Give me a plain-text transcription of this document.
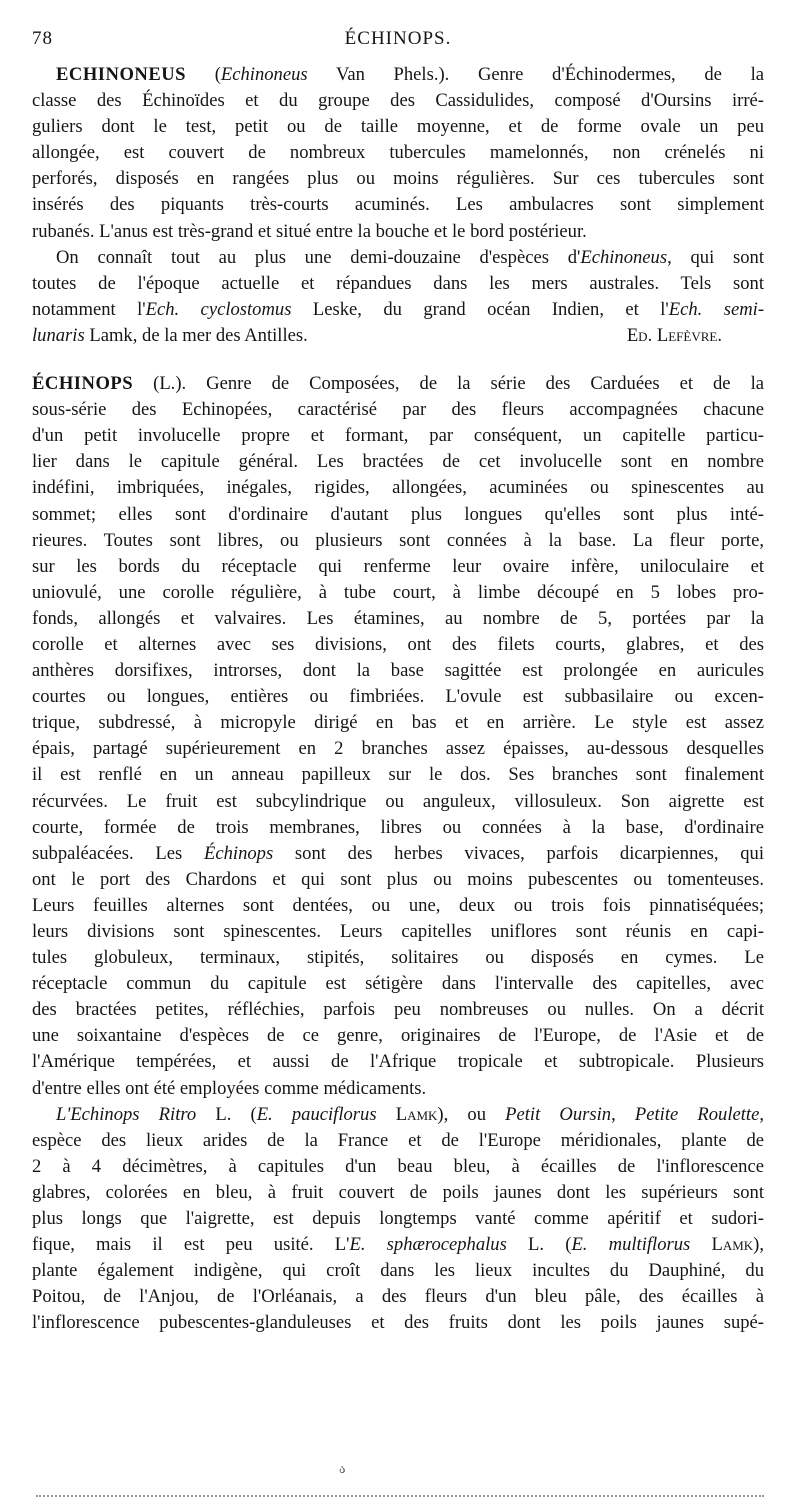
78	ÉCHINOPS.
ECHINONEUS (Echinoneus Van Phels.). Genre d'Échinodermes, de la
classe des Échinoïdes et du groupe des Cassidulides, composé d'Oursins irré-
guliers dont le test, petit ou de taille moyenne, et de forme ovale un peu
allongée, est couvert de nombreux tubercules mamelonnés, non crénelés ni
perforés, disposés en rangées plus ou moins régulières. Sur ces tubercules sont
insérés des piquants très-courts acuminés. Les ambulacres sont simplement
rubanés. L'anus est très-grand et situé entre la bouche et le bord postérieur.
On connaît tout au plus une demi-douzaine d'espèces d'Echinoneus, qui sont
toutes de l'époque actuelle et répandues dans les mers australes. Tels sont
notamment l'Ech. cyclostomus Leske, du grand océan Indien, et l'Ech. semi-
lunaris Lamk, de la mer des Antilles.	Ed. Lefèvre.
ÉCHINOPS (L.). Genre de Composées, de la série des Carduées et de la
sous-série des Echinopées, caractérisé par des fleurs accompagnées chacune
d'un petit involucelle propre et formant, par conséquent, un capitelle particu-
lier dans le capitule général. Les bractées de cet involucelle sont en nombre
indéfini, imbriquées, inégales, rigides, allongées, acuminées ou spinescentes au
sommet; elles sont d'ordinaire d'autant plus longues qu'elles sont plus inté-
rieures. Toutes sont libres, ou plusieurs sont connées à la base. La fleur porte,
sur les bords du réceptacle qui renferme leur ovaire infère, uniloculaire et
uniovulé, une corolle régulière, à tube court, à limbe découpé en 5 lobes pro-
fonds, allongés et valvaires. Les étamines, au nombre de 5, portées par la
corolle et alternes avec ses divisions, ont des filets courts, glabres, et des
anthères dorsifixes, introrses, dont la base sagittée est prolongée en auricules
courtes ou longues, entières ou fimbriées. L'ovule est subbasilaire ou excen-
trique, subdressé, à micropyle dirigé en bas et en arrière. Le style est assez
épais, partagé supérieurement en 2 branches assez épaisses, au-dessous desquelles
il est renflé en un anneau papilleux sur le dos. Ses branches sont finalement
récurvées. Le fruit est subcylindrique ou anguleux, villosuleux. Son aigrette est
courte, formée de trois membranes, libres ou connées à la base, d'ordinaire
subpaléacées. Les Échinops sont des herbes vivaces, parfois dicarpiennes, qui
ont le port des Chardons et qui sont plus ou moins pubescentes ou tomenteuses.
Leurs feuilles alternes sont dentées, ou une, deux ou trois fois pinnatiséquées;
leurs divisions sont spinescentes. Leurs capitelles uniflores sont réunis en capi-
tules globuleux, terminaux, stipités, solitaires ou disposés en cymes. Le
réceptacle commun du capitule est sétigère dans l'intervalle des capitelles, avec
des bractées petites, réfléchies, parfois peu nombreuses ou nulles. On a décrit
une soixantaine d'espèces de ce genre, originaires de l'Europe, de l'Asie et de
l'Amérique tempérées, et aussi de l'Afrique tropicale et subtropicale. Plusieurs
d'entre elles ont été employées comme médicaments.
L'Echinops Ritro L. (E. pauciflorus Lamk), ou Petit Oursin, Petite Roulette,
espèce des lieux arides de la France et de l'Europe méridionales, plante de
2 à 4 décimètres, à capitules d'un beau bleu, à écailles de l'inflorescence
glabres, colorées en bleu, à fruit couvert de poils jaunes dont les supérieurs sont
plus longs que l'aigrette, est depuis longtemps vanté comme apéritif et sudori-
fique, mais il est peu usité. L'E. sphærocephalus L. (E. multiflorus Lamk),
plante également indigène, qui croît dans les lieux incultes du Dauphiné, du
Poitou, de l'Anjou, de l'Orléanais, a des fleurs d'un bleu pâle, des écailles à
l'inflorescence pubescentes-glanduleuses et des fruits dont les poils jaunes supé-
ა
